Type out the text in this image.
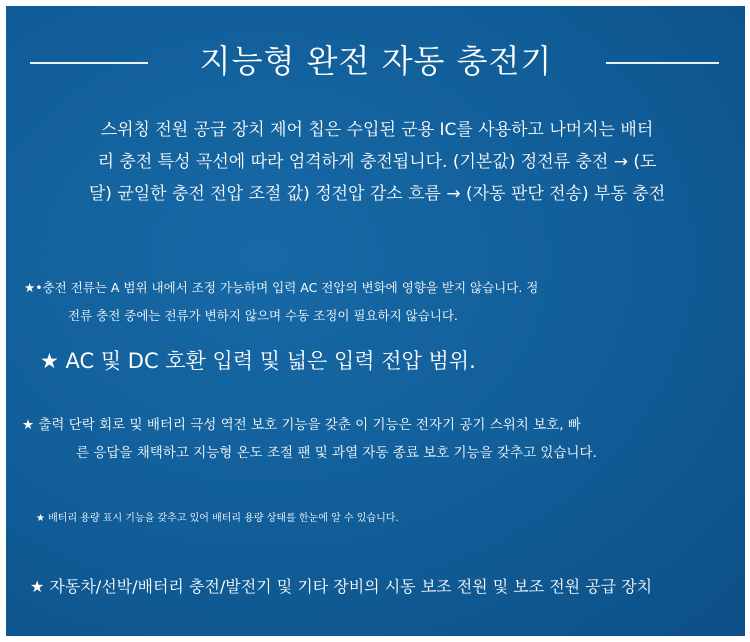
지능형 완전 자동 충전기
스위칭 전원 공급 장치 제어 칩은 수입된 군용 IC를 사용하고 나머지는 배터
리 충전 특성 곡선에 따라 엄격하게 충전됩니다. (기본값) 정전류 충전 → (도
달) 균일한 충전 전압 조절 값) 정전압 감소 흐름 → (자동 판단 전송) 부동 충전
★•충전 전류는 A 범위 내에서 조정 가능하며 입력 AC 전압의 변화에 영향을 받지 않습니다. 정
전류 충전 중에는 전류가 변하지 않으며 수동 조정이 필요하지 않습니다.
★ AC 및 DC 호환 입력 및 넓은 입력 전압 범위.
★ 출력 단락 회로 및 배터리 극성 역전 보호 기능을 갖춘 이 기능은 전자기 공기 스위치 보호, 빠
른 응답을 채택하고 지능형 온도 조절 팬 및 과열 자동 종료 보호 기능을 갖추고 있습니다.
★ 배터리 용량 표시 기능을 갖추고 있어 배터리 용량 상태를 한눈에 알 수 있습니다.
★ 자동차/선박/배터리 충전/발전기 및 기타 장비의 시동 보조 전원 및 보조 전원 공급 장치
